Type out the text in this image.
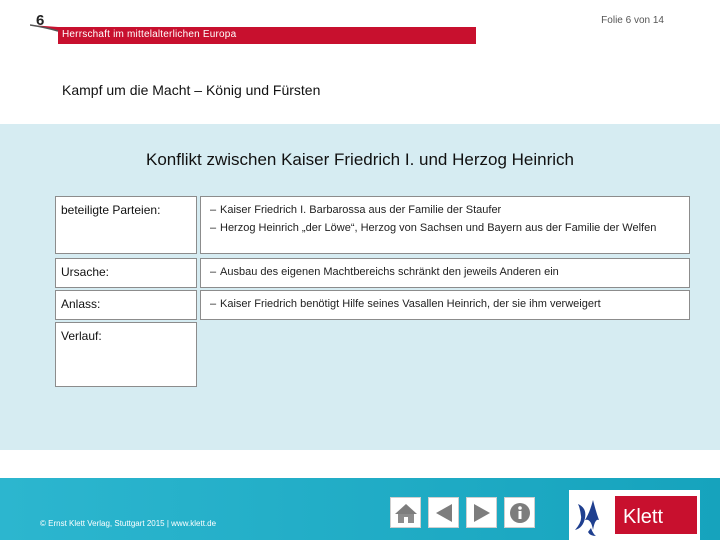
6	Folie 6 von 14
Herrschaft im mittelalterlichen Europa
Kampf um die Macht – König und Fürsten
Konflikt zwischen Kaiser Friedrich I. und Herzog Heinrich
beteiligte Parteien:	– Kaiser Friedrich I. Barbarossa aus der Familie der Staufer
– Herzog Heinrich „der Löwe“, Herzog von Sachsen und Bayern aus der Familie der Welfen
Ursache:	– Ausbau des eigenen Machtbereichs schränkt den jeweils Anderen ein
Anlass:	– Kaiser Friedrich benötigt Hilfe seines Vasallen Heinrich, der sie ihm verweigert
Verlauf:
© Ernst Klett Verlag, Stuttgart 2015 | www.klett.de	Klett
